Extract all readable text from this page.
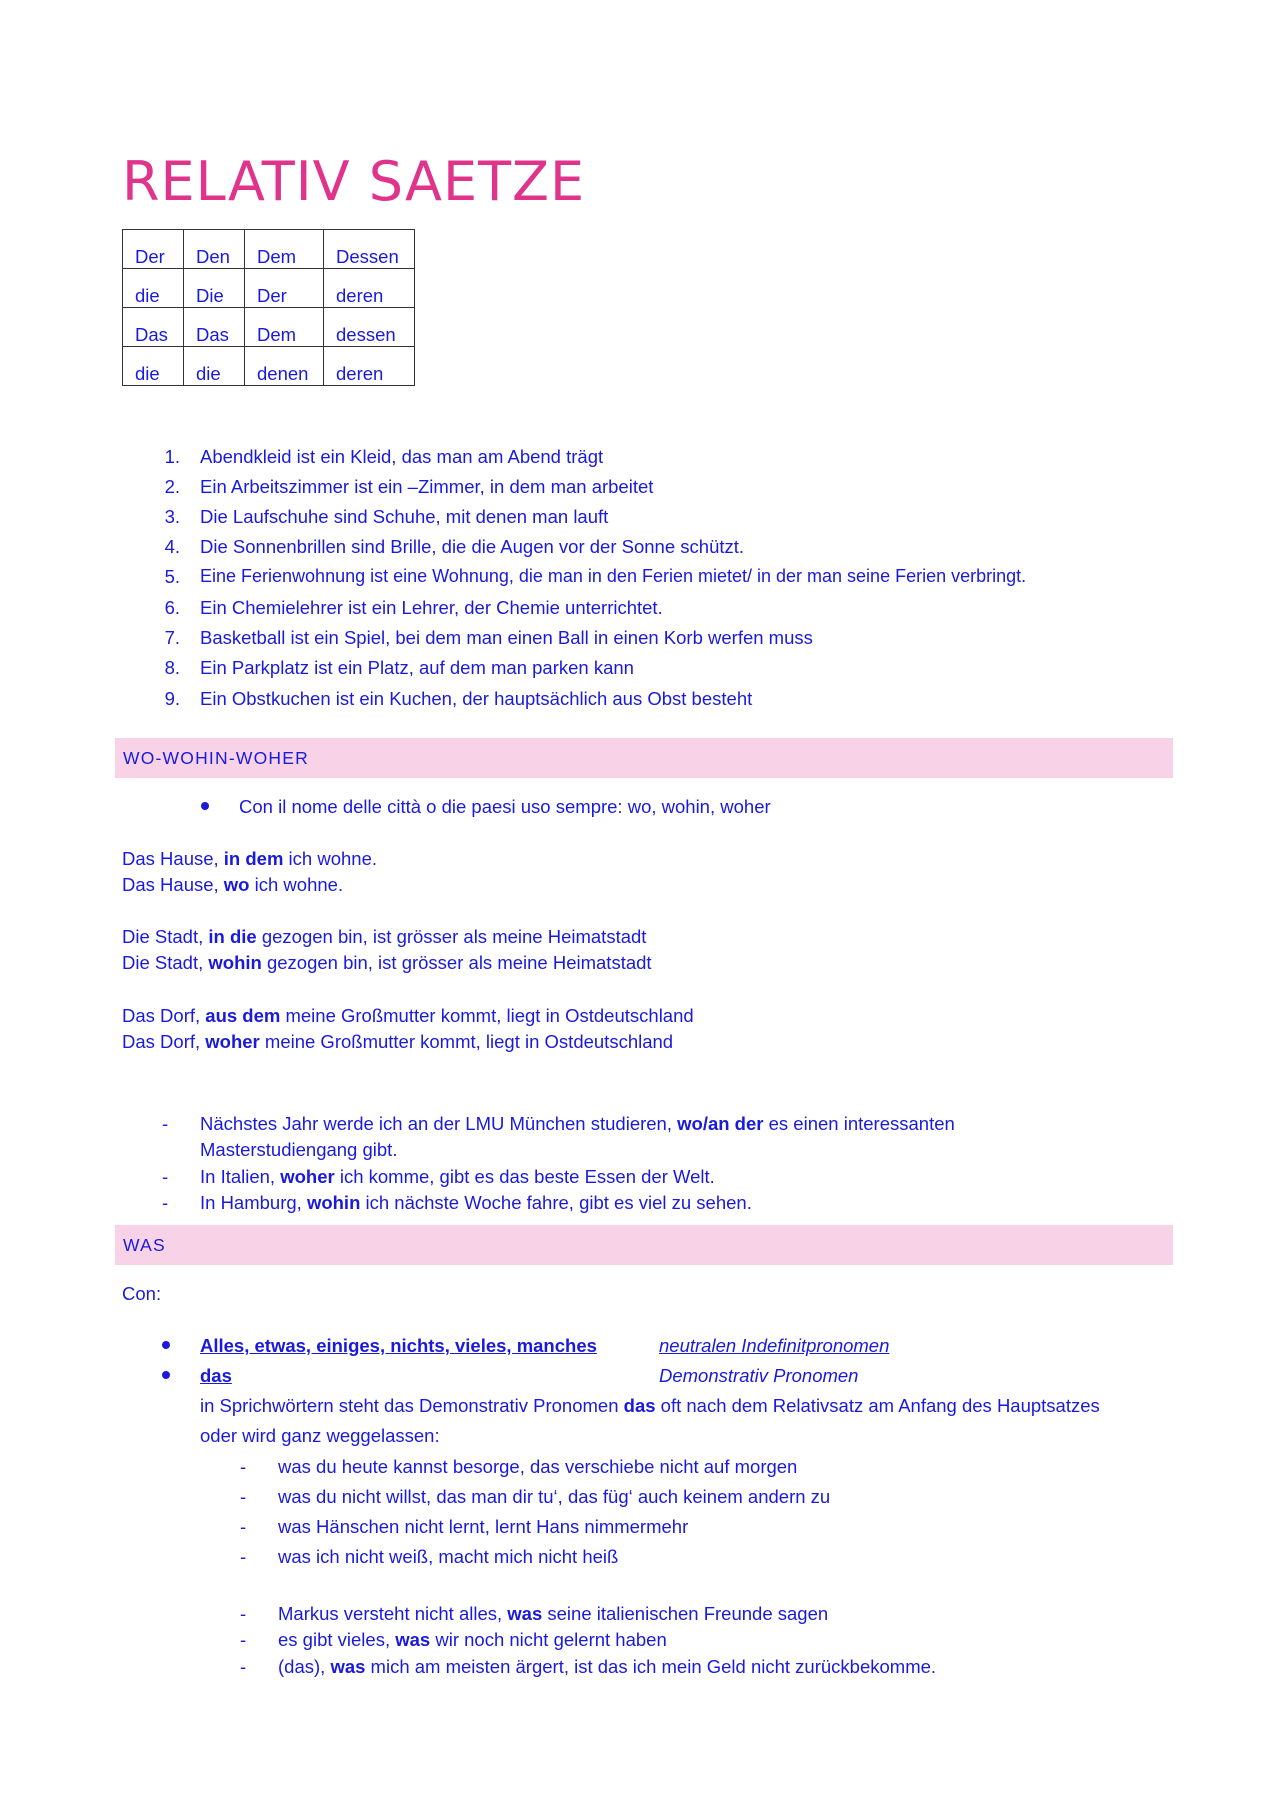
RELATIV SAETZE
Der	Den	Dem	Dessen
die	Die	Der	deren
Das	Das	Dem	dessen
die	die	denen	deren
1. Abendkleid ist ein Kleid, das man am Abend trägt
2. Ein Arbeitszimmer ist ein –Zimmer, in dem man arbeitet
3. Die Laufschuhe sind Schuhe, mit denen man lauft
4. Die Sonnenbrillen sind Brille, die die Augen vor der Sonne schützt.
5. Eine Ferienwohnung ist eine Wohnung, die man in den Ferien mietet/ in der man seine Ferien verbringt.
6. Ein Chemielehrer ist ein Lehrer, der Chemie unterrichtet.
7. Basketball ist ein Spiel, bei dem man einen Ball in einen Korb werfen muss
8. Ein Parkplatz ist ein Platz, auf dem man parken kann
9. Ein Obstkuchen ist ein Kuchen, der hauptsächlich aus Obst besteht
WO-WOHIN-WOHER
Con il nome delle città o die paesi uso sempre: wo, wohin, woher
Das Hause, in dem ich wohne.
Das Hause, wo ich wohne.
Die Stadt, in die gezogen bin, ist grösser als meine Heimatstadt
Die Stadt, wohin gezogen bin, ist grösser als meine Heimatstadt
Das Dorf, aus dem meine Großmutter kommt, liegt in Ostdeutschland
Das Dorf, woher meine Großmutter kommt, liegt in Ostdeutschland
- Nächstes Jahr werde ich an der LMU München studieren, wo/an der es einen interessanten
Masterstudiengang gibt.
- In Italien, woher ich komme, gibt es das beste Essen der Welt.
- In Hamburg, wohin ich nächste Woche fahre, gibt es viel zu sehen.
WAS
Con:
Alles, etwas, einiges, nichts, vieles, manches	neutralen Indefinitpronomen
das	Demonstrativ Pronomen
in Sprichwörtern steht das Demonstrativ Pronomen das oft nach dem Relativsatz am Anfang des Hauptsatzes
oder wird ganz weggelassen:
- was du heute kannst besorge, das verschiebe nicht auf morgen
- was du nicht willst, das man dir tu‘, das füg‘ auch keinem andern zu
- was Hänschen nicht lernt, lernt Hans nimmermehr
- was ich nicht weiß, macht mich nicht heiß
- Markus versteht nicht alles, was seine italienischen Freunde sagen
- es gibt vieles, was wir noch nicht gelernt haben
- (das), was mich am meisten ärgert, ist das ich mein Geld nicht zurückbekomme.
